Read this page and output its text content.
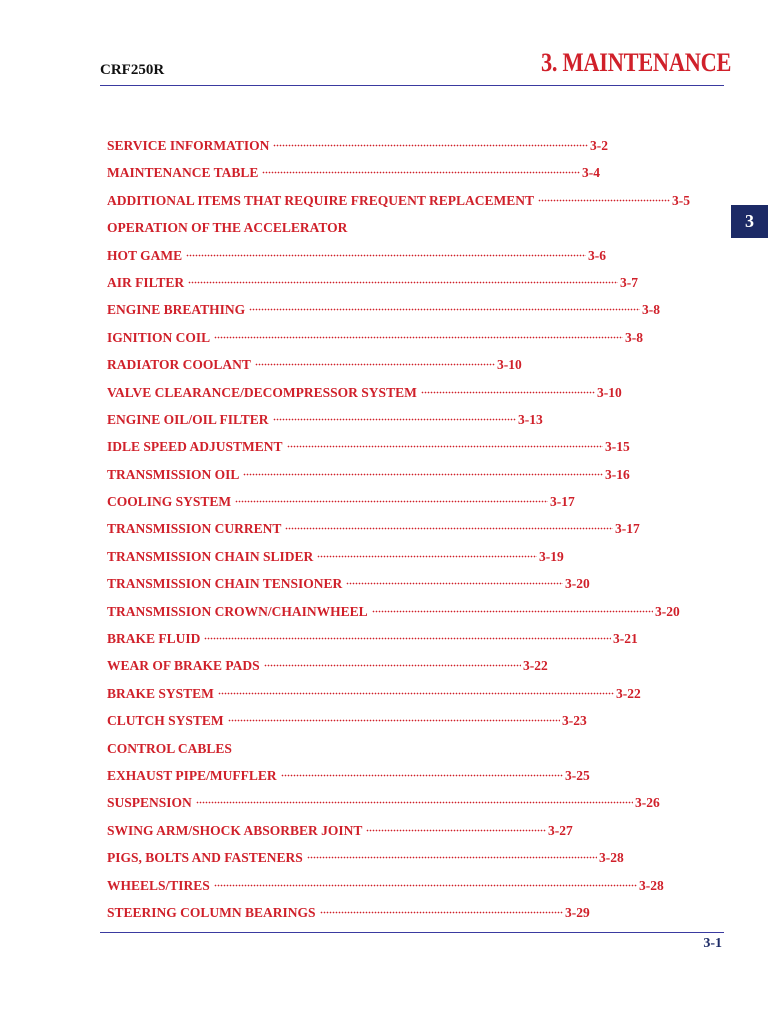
CRF250R	3. MAINTENANCE
3
SERVICE INFORMATION	3-2
MAINTENANCE TABLE	3-4
ADDITIONAL ITEMS THAT REQUIRE FREQUENT REPLACEMENT	3-5
OPERATION OF THE ACCELERATOR
HOT GAME	3-6
AIR FILTER	3-7
ENGINE BREATHING	3-8
IGNITION COIL	3-8
RADIATOR COOLANT	3-10
VALVE CLEARANCE/DECOMPRESSOR SYSTEM	3-10
ENGINE OIL/OIL FILTER	3-13
IDLE SPEED ADJUSTMENT	3-15
TRANSMISSION OIL	3-16
COOLING SYSTEM	3-17
TRANSMISSION CURRENT	3-17
TRANSMISSION CHAIN SLIDER	3-19
TRANSMISSION CHAIN TENSIONER	3-20
TRANSMISSION CROWN/CHAINWHEEL	3-20
BRAKE FLUID	3-21
WEAR OF BRAKE PADS	3-22
BRAKE SYSTEM	3-22
CLUTCH SYSTEM	3-23
CONTROL CABLES
EXHAUST PIPE/MUFFLER	3-25
SUSPENSION	3-26
SWING ARM/SHOCK ABSORBER JOINT	3-27
PIGS, BOLTS AND FASTENERS	3-28
WHEELS/TIRES	3-28
STEERING COLUMN BEARINGS	3-29
3-1
